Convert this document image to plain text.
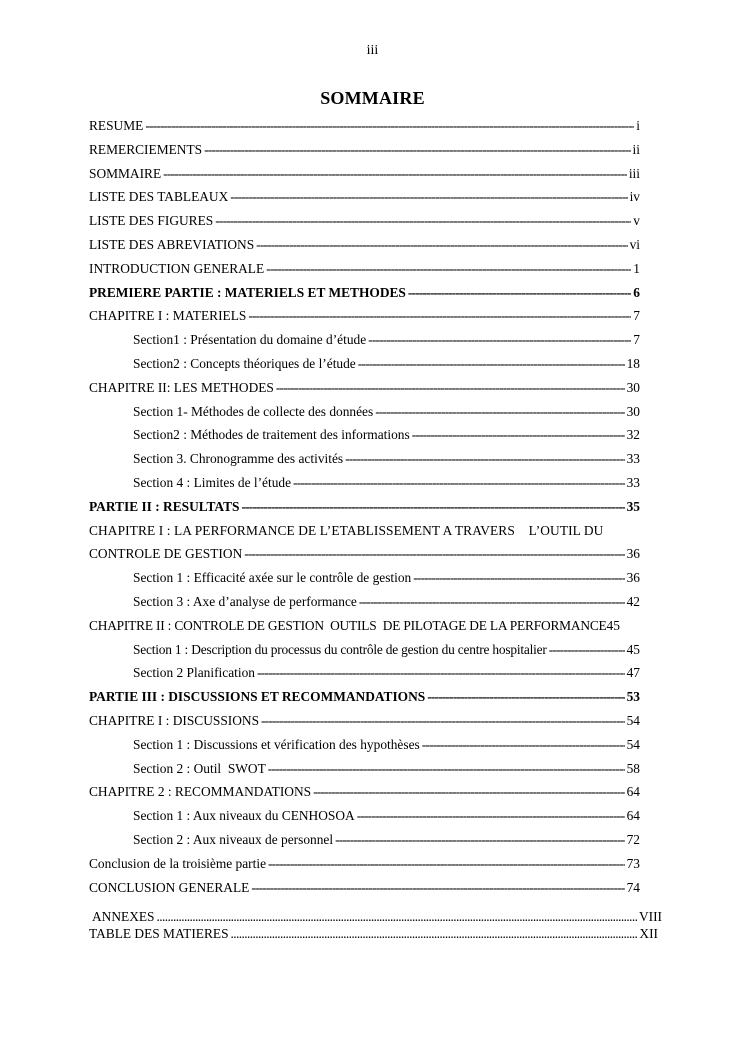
iii
SOMMAIRE
RESUME -----	i
REMERCIEMENTS -----	ii
SOMMAIRE -----	iii
LISTE DES TABLEAUX -----	iv
LISTE DES FIGURES -----	v
LISTE DES ABREVIATIONS -----	vi
INTRODUCTION GENERALE -----	1
PREMIERE PARTIE : MATERIELS ET METHODES -----	6
CHAPITRE I : MATERIELS -----	7
Section1 : Présentation du domaine d’étude -----	7
Section2 : Concepts théoriques de l’étude -----	18
CHAPITRE II: LES METHODES -----	30
Section 1- Méthodes de collecte des données -----	30
Section2 : Méthodes de traitement des informations -----	32
Section 3. Chronogramme des activités -----	33
Section 4 : Limites de l’étude -----	33
PARTIE II : RESULTATS -----	35
CHAPITRE I : LA PERFORMANCE DE L’ETABLISSEMENT A TRAVERS    L’OUTIL DU
CONTROLE DE GESTION -----	36
Section 1 : Efficacité axée sur le contrôle de gestion -----	36
Section 3 : Axe d’analyse de performance -----	42
CHAPITRE II : CONTROLE DE GESTION  OUTILS  DE PILOTAGE DE LA PERFORMANCE 45
Section 1 : Description du processus du contrôle de gestion du centre hospitalier -----	45
Section 2 Planification -----	47
PARTIE III : DISCUSSIONS ET RECOMMANDATIONS -----	53
CHAPITRE I : DISCUSSIONS -----	54
Section 1 : Discussions et vérification des hypothèses -----	54
Section 2 : Outil  SWOT -----	58
CHAPITRE 2 : RECOMMANDATIONS -----	64
Section 1 : Aux niveaux du CENHOSOA -----	64
Section 2 : Aux niveaux de personnel -----	72
Conclusion de la troisième partie -----	73
CONCLUSION GENERALE -----	74
ANNEXES .....	VIII
TABLE DES MATIERES .....	XII
